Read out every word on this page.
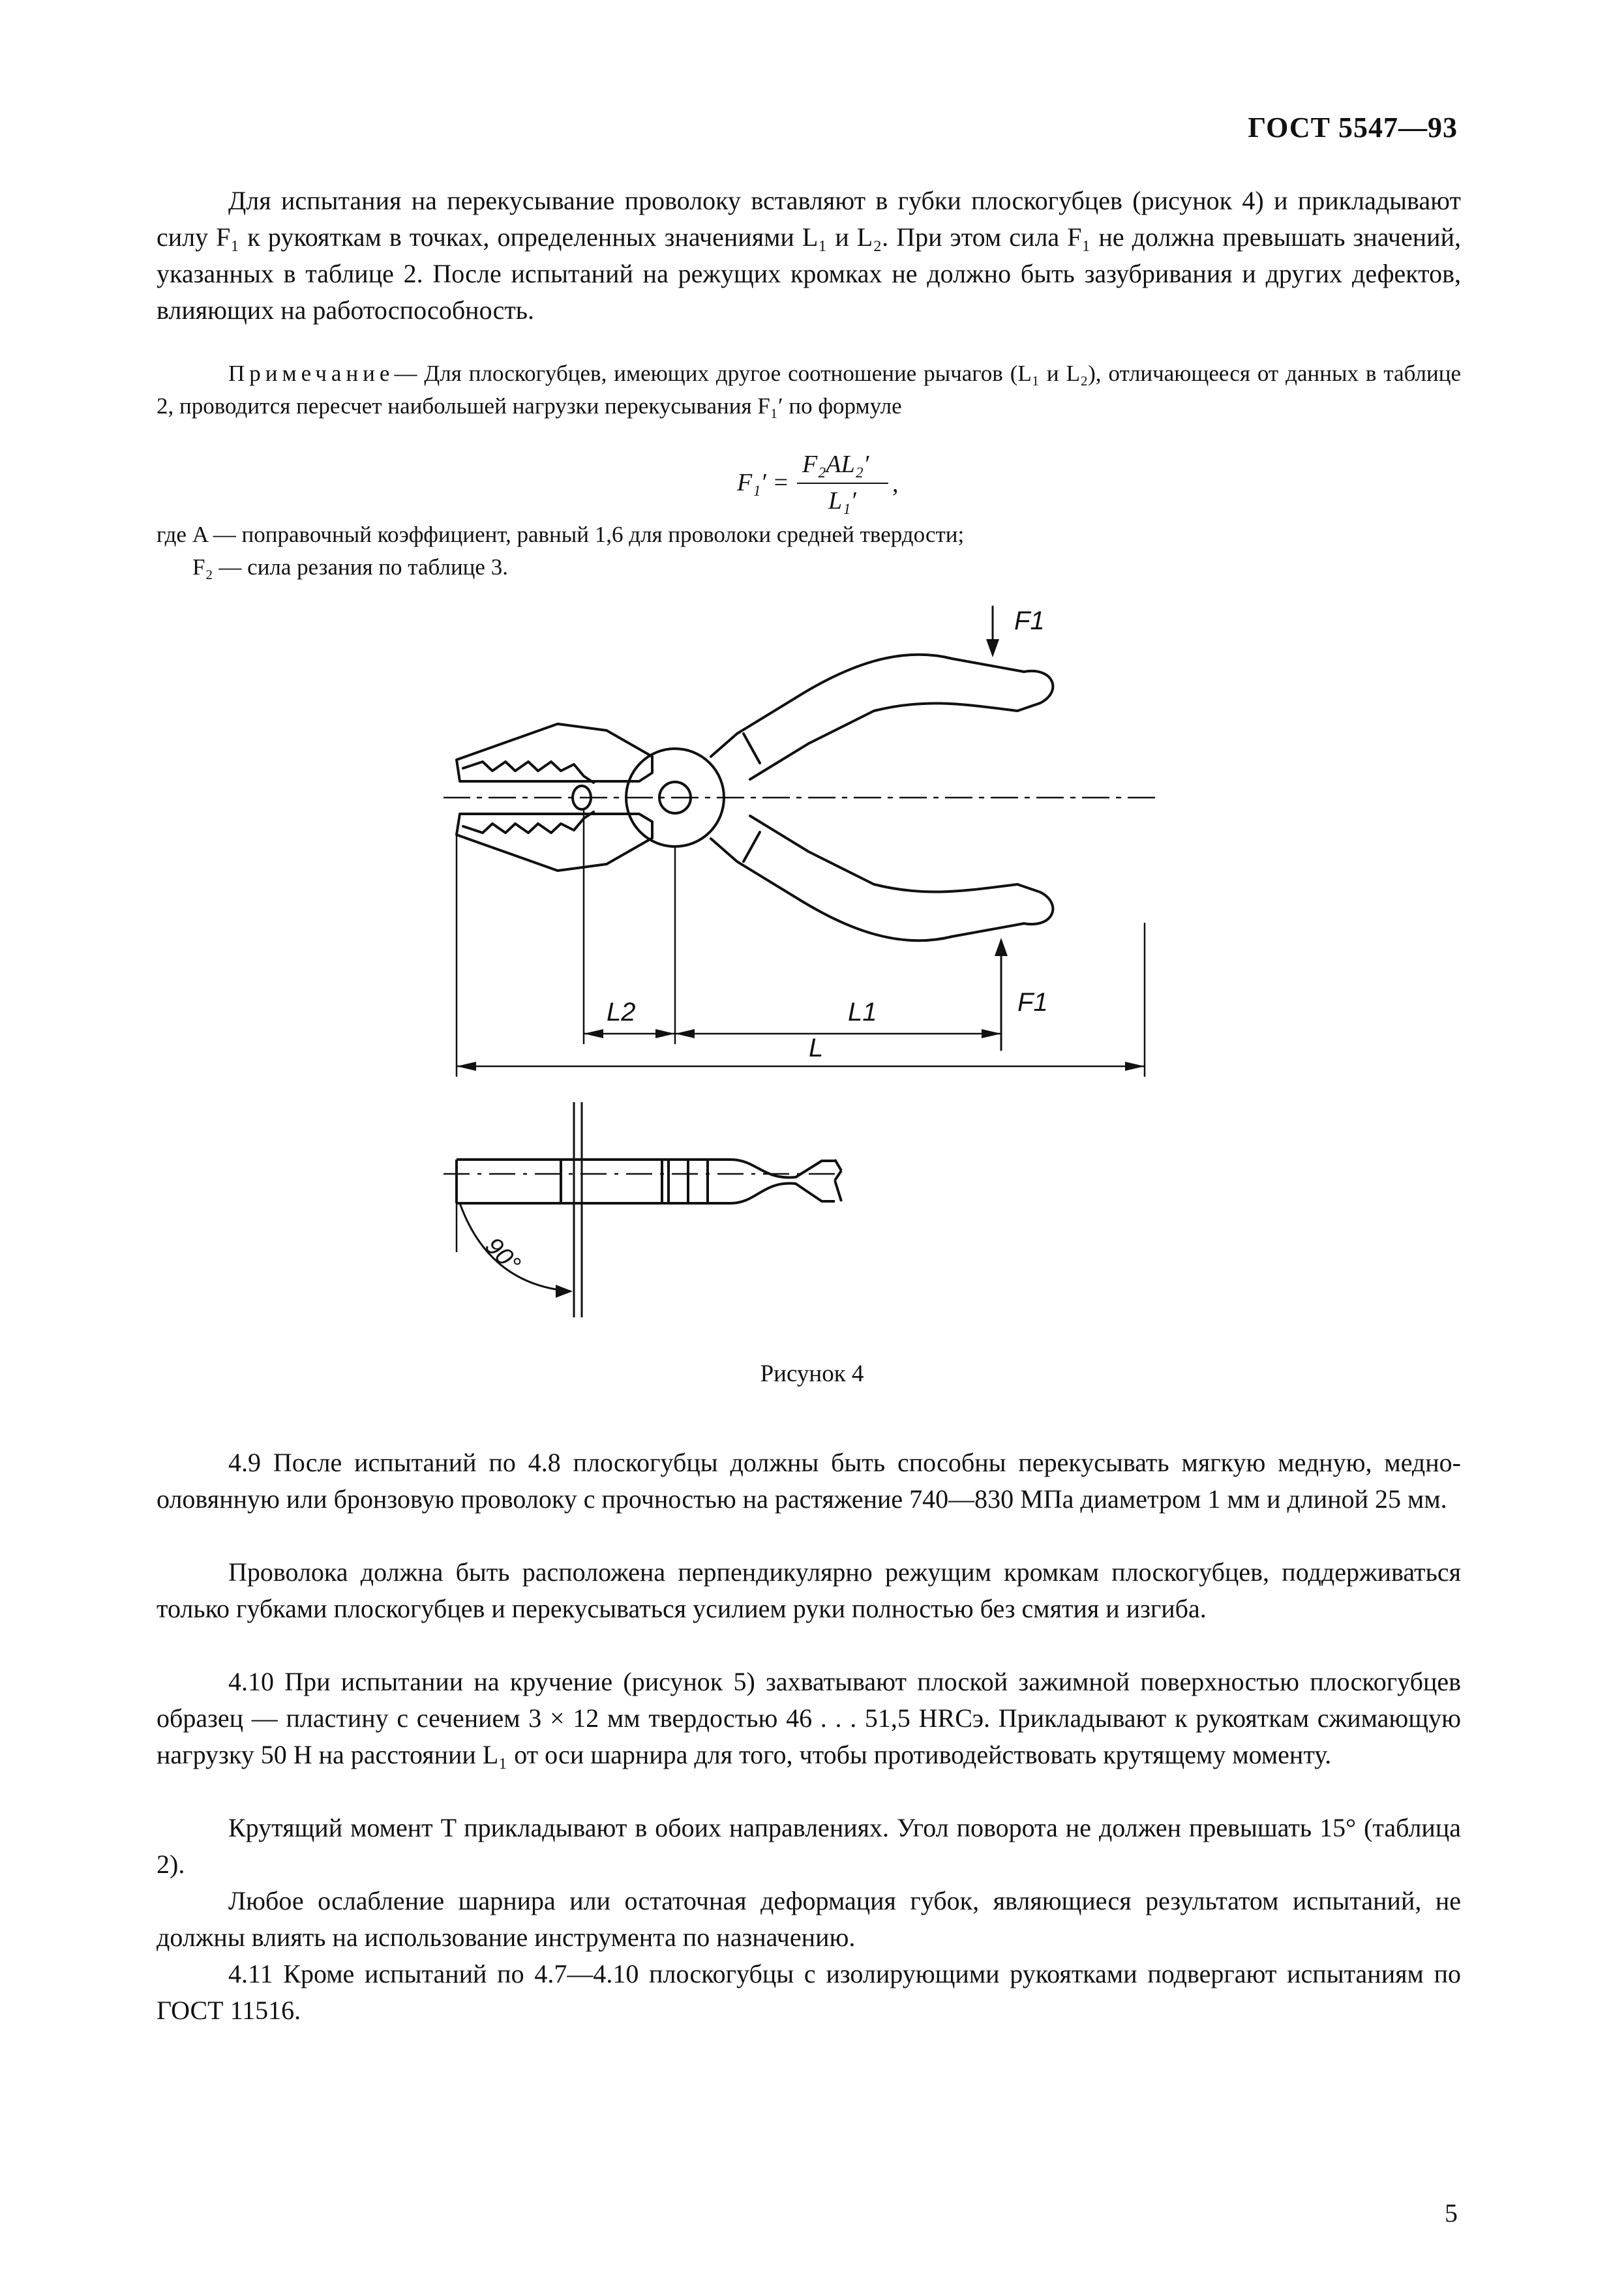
ГОСТ 5547—93
Для испытания на перекусывание проволоку вставляют в губки плоскогубцев (рисунок 4) и прикладывают силу F₁ к рукояткам в точках, определенных значениями L₁ и L₂. При этом сила F₁ не должна превышать значений, указанных в таблице 2. После испытаний на режущих кромках не должно быть зазубривания и других дефектов, влияющих на работоспособность.
Примечание— Для плоскогубцев, имеющих другое соотношение рычагов (L₁ и L₂), отличающееся от данных в таблице 2, проводится пересчет наибольшей нагрузки перекусывания F₁′ по формуле
F₁′ =
F₂AL₂′
L₁′
,
где A — поправочный коэффициент, равный 1,6 для проволоки средней твердости;
F₂ — сила резания по таблице 3.
F1
F1
L2	L1
L
90°
Рисунок 4
4.9 После испытаний по 4.8 плоскогубцы должны быть способны перекусывать мягкую медную, медно-оловянную или бронзовую проволоку с прочностью на растяжение 740—830 МПа диаметром 1 мм и длиной 25 мм.
Проволока должна быть расположена перпендикулярно режущим кромкам плоскогубцев, поддерживаться только губками плоскогубцев и перекусываться усилием руки полностью без смятия и изгиба.
4.10 При испытании на кручение (рисунок 5) захватывают плоской зажимной поверхностью плоскогубцев образец — пластину с сечением 3 × 12 мм твердостью 46 . . . 51,5 HRCэ. Прикладывают к рукояткам сжимающую нагрузку 50 Н на расстоянии L₁ от оси шарнира для того, чтобы противодействовать крутящему моменту.
Крутящий момент T прикладывают в обоих направлениях. Угол поворота не должен превышать 15° (таблица 2).
Любое ослабление шарнира или остаточная деформация губок, являющиеся результатом испытаний, не должны влиять на использование инструмента по назначению.
4.11 Кроме испытаний по 4.7—4.10 плоскогубцы с изолирующими рукоятками подвергают испытаниям по ГОСТ 11516.
5
